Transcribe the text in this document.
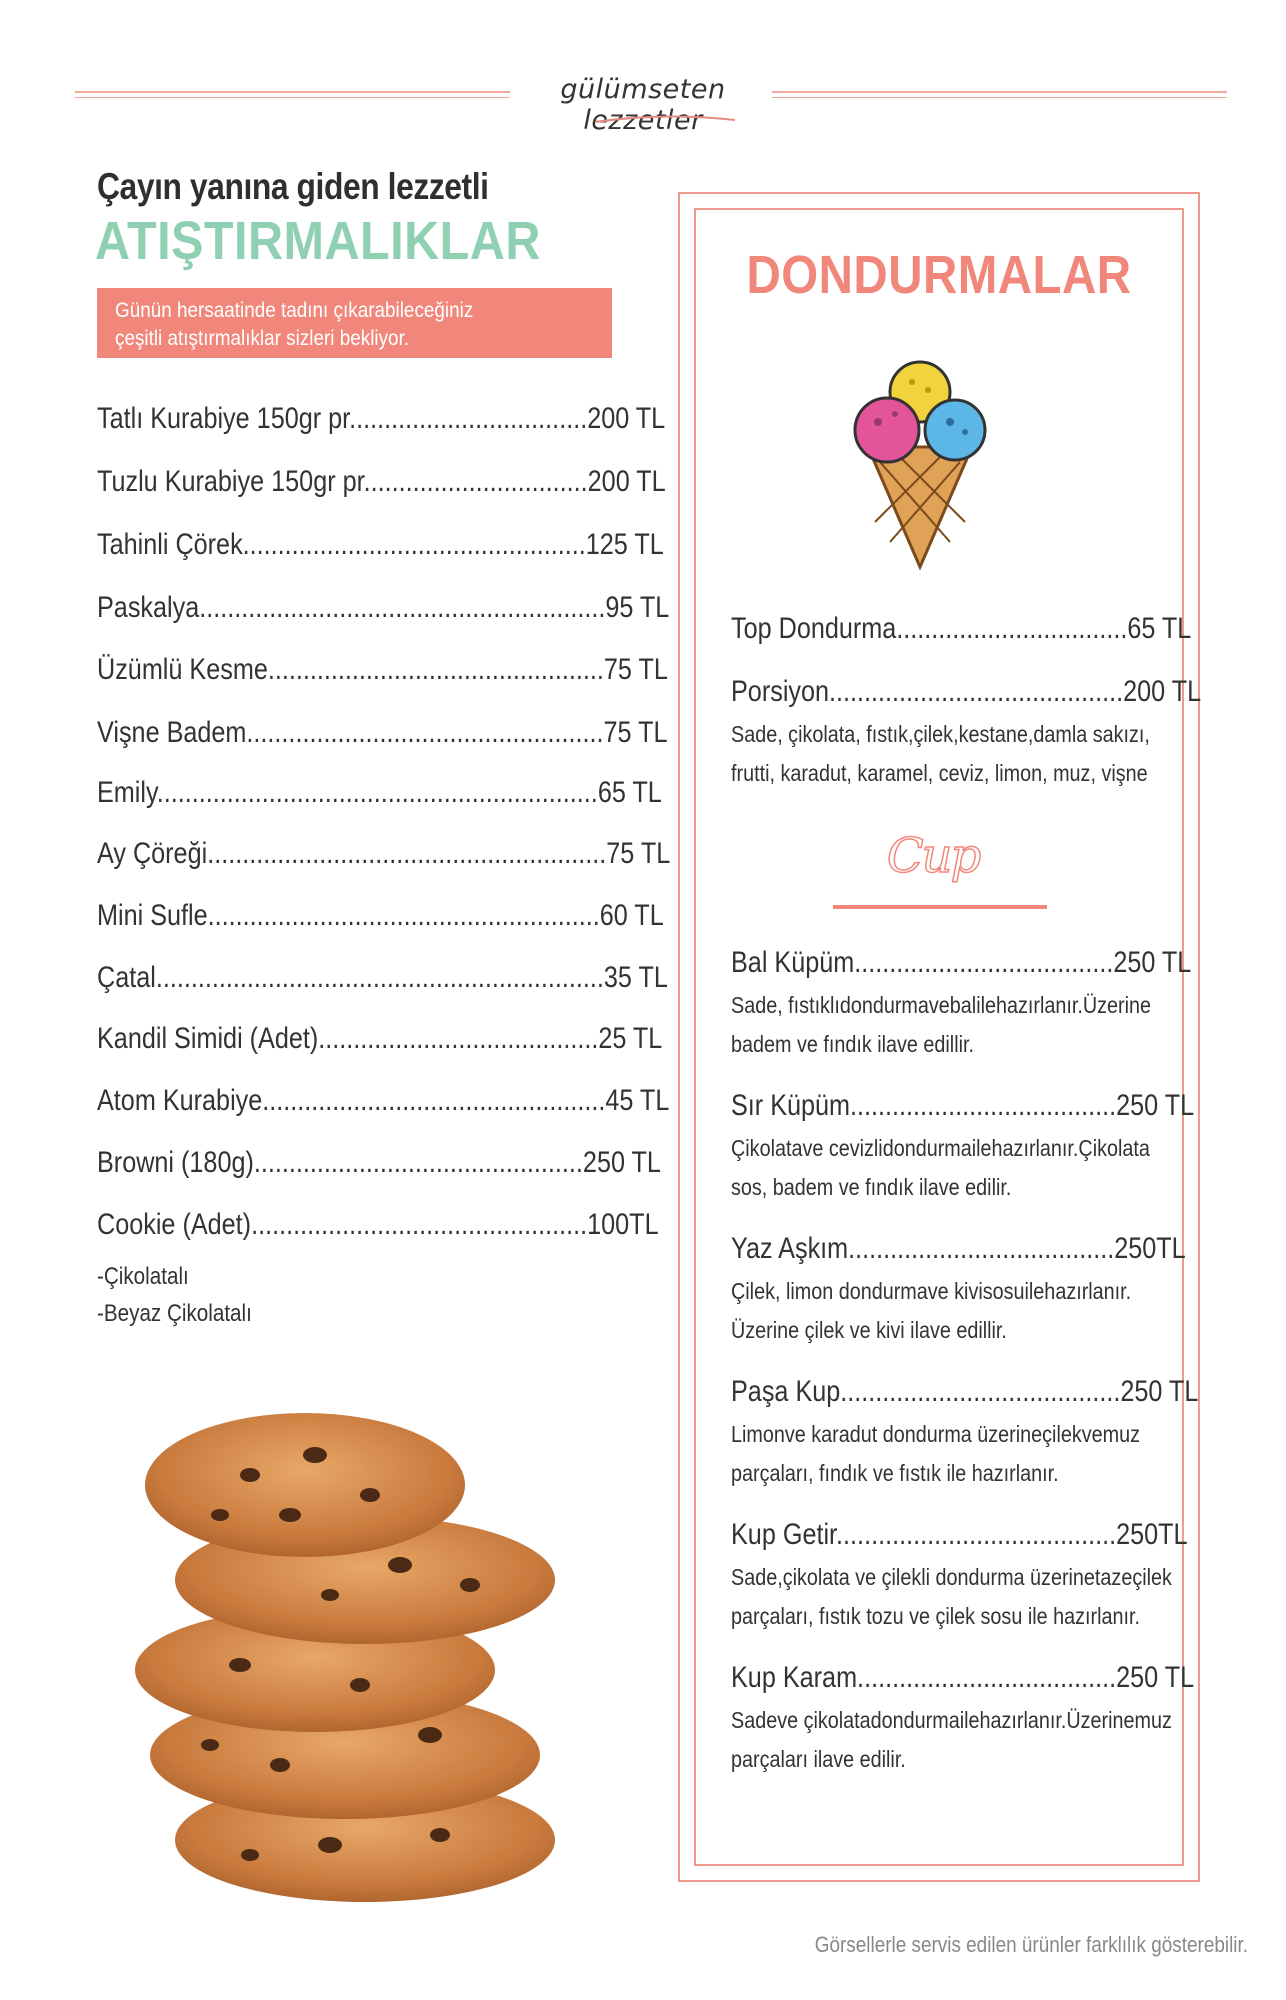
gülümseten lezzetler
Çayın yanına giden lezzetli
ATIŞTIRMALIKLAR
Günün hersaatinde tadını çıkarabileceğiniz
çeşitli atıştırmalıklar sizleri bekliyor.
Tatlı Kurabiye 150gr pr..................................200 TL
Tuzlu Kurabiye 150gr pr................................200 TL
Tahinli Çörek.................................................125 TL
Paskalya..........................................................95 TL
Üzümlü Kesme................................................75 TL
Vişne Badem...................................................75 TL
Emily...............................................................65 TL
Ay Çöreği.........................................................75 TL
Mini Sufle........................................................60 TL
Çatal................................................................35 TL
Kandil Simidi (Adet)........................................25 TL
Atom Kurabiye.................................................45 TL
Browni (180g)...............................................250 TL
Cookie (Adet)................................................100TL
-Çikolatalı
-Beyaz Çikolatalı
DONDURMALAR
Top Dondurma.................................65 TL
Porsiyon..........................................200 TL
Sade, çikolata, fıstık,çilek,kestane,damla sakızı,
frutti, karadut, karamel, ceviz, limon, muz, vişne
Cup
Bal Küpüm.....................................250 TL
Sade, fıstıklıdondurmavebalilehazırlanır.Üzerine
badem ve fındık ilave edillir.
Sır Küpüm......................................250 TL
Çikolatave cevizlidondurmailehazırlanır.Çikolata
sos, badem ve fındık ilave edilir.
Yaz Aşkım......................................250TL
Çilek, limon dondurmave kivisosuilehazırlanır.
Üzerine çilek ve kivi ilave edillir.
Paşa Kup........................................250 TL
Limonve karadut dondurma üzerineçilekvemuz
parçaları, fındık ve fıstık ile hazırlanır.
Kup Getir........................................250TL
Sade,çikolata ve çilekli dondurma üzerinetazeçilek
parçaları, fıstık tozu ve çilek sosu ile hazırlanır.
Kup Karam.....................................250 TL
Sadeve çikolatadondurmailehazırlanır.Üzerinemuz
parçaları ilave edilir.
Görsellerle servis edilen ürünler farklılık gösterebilir.
